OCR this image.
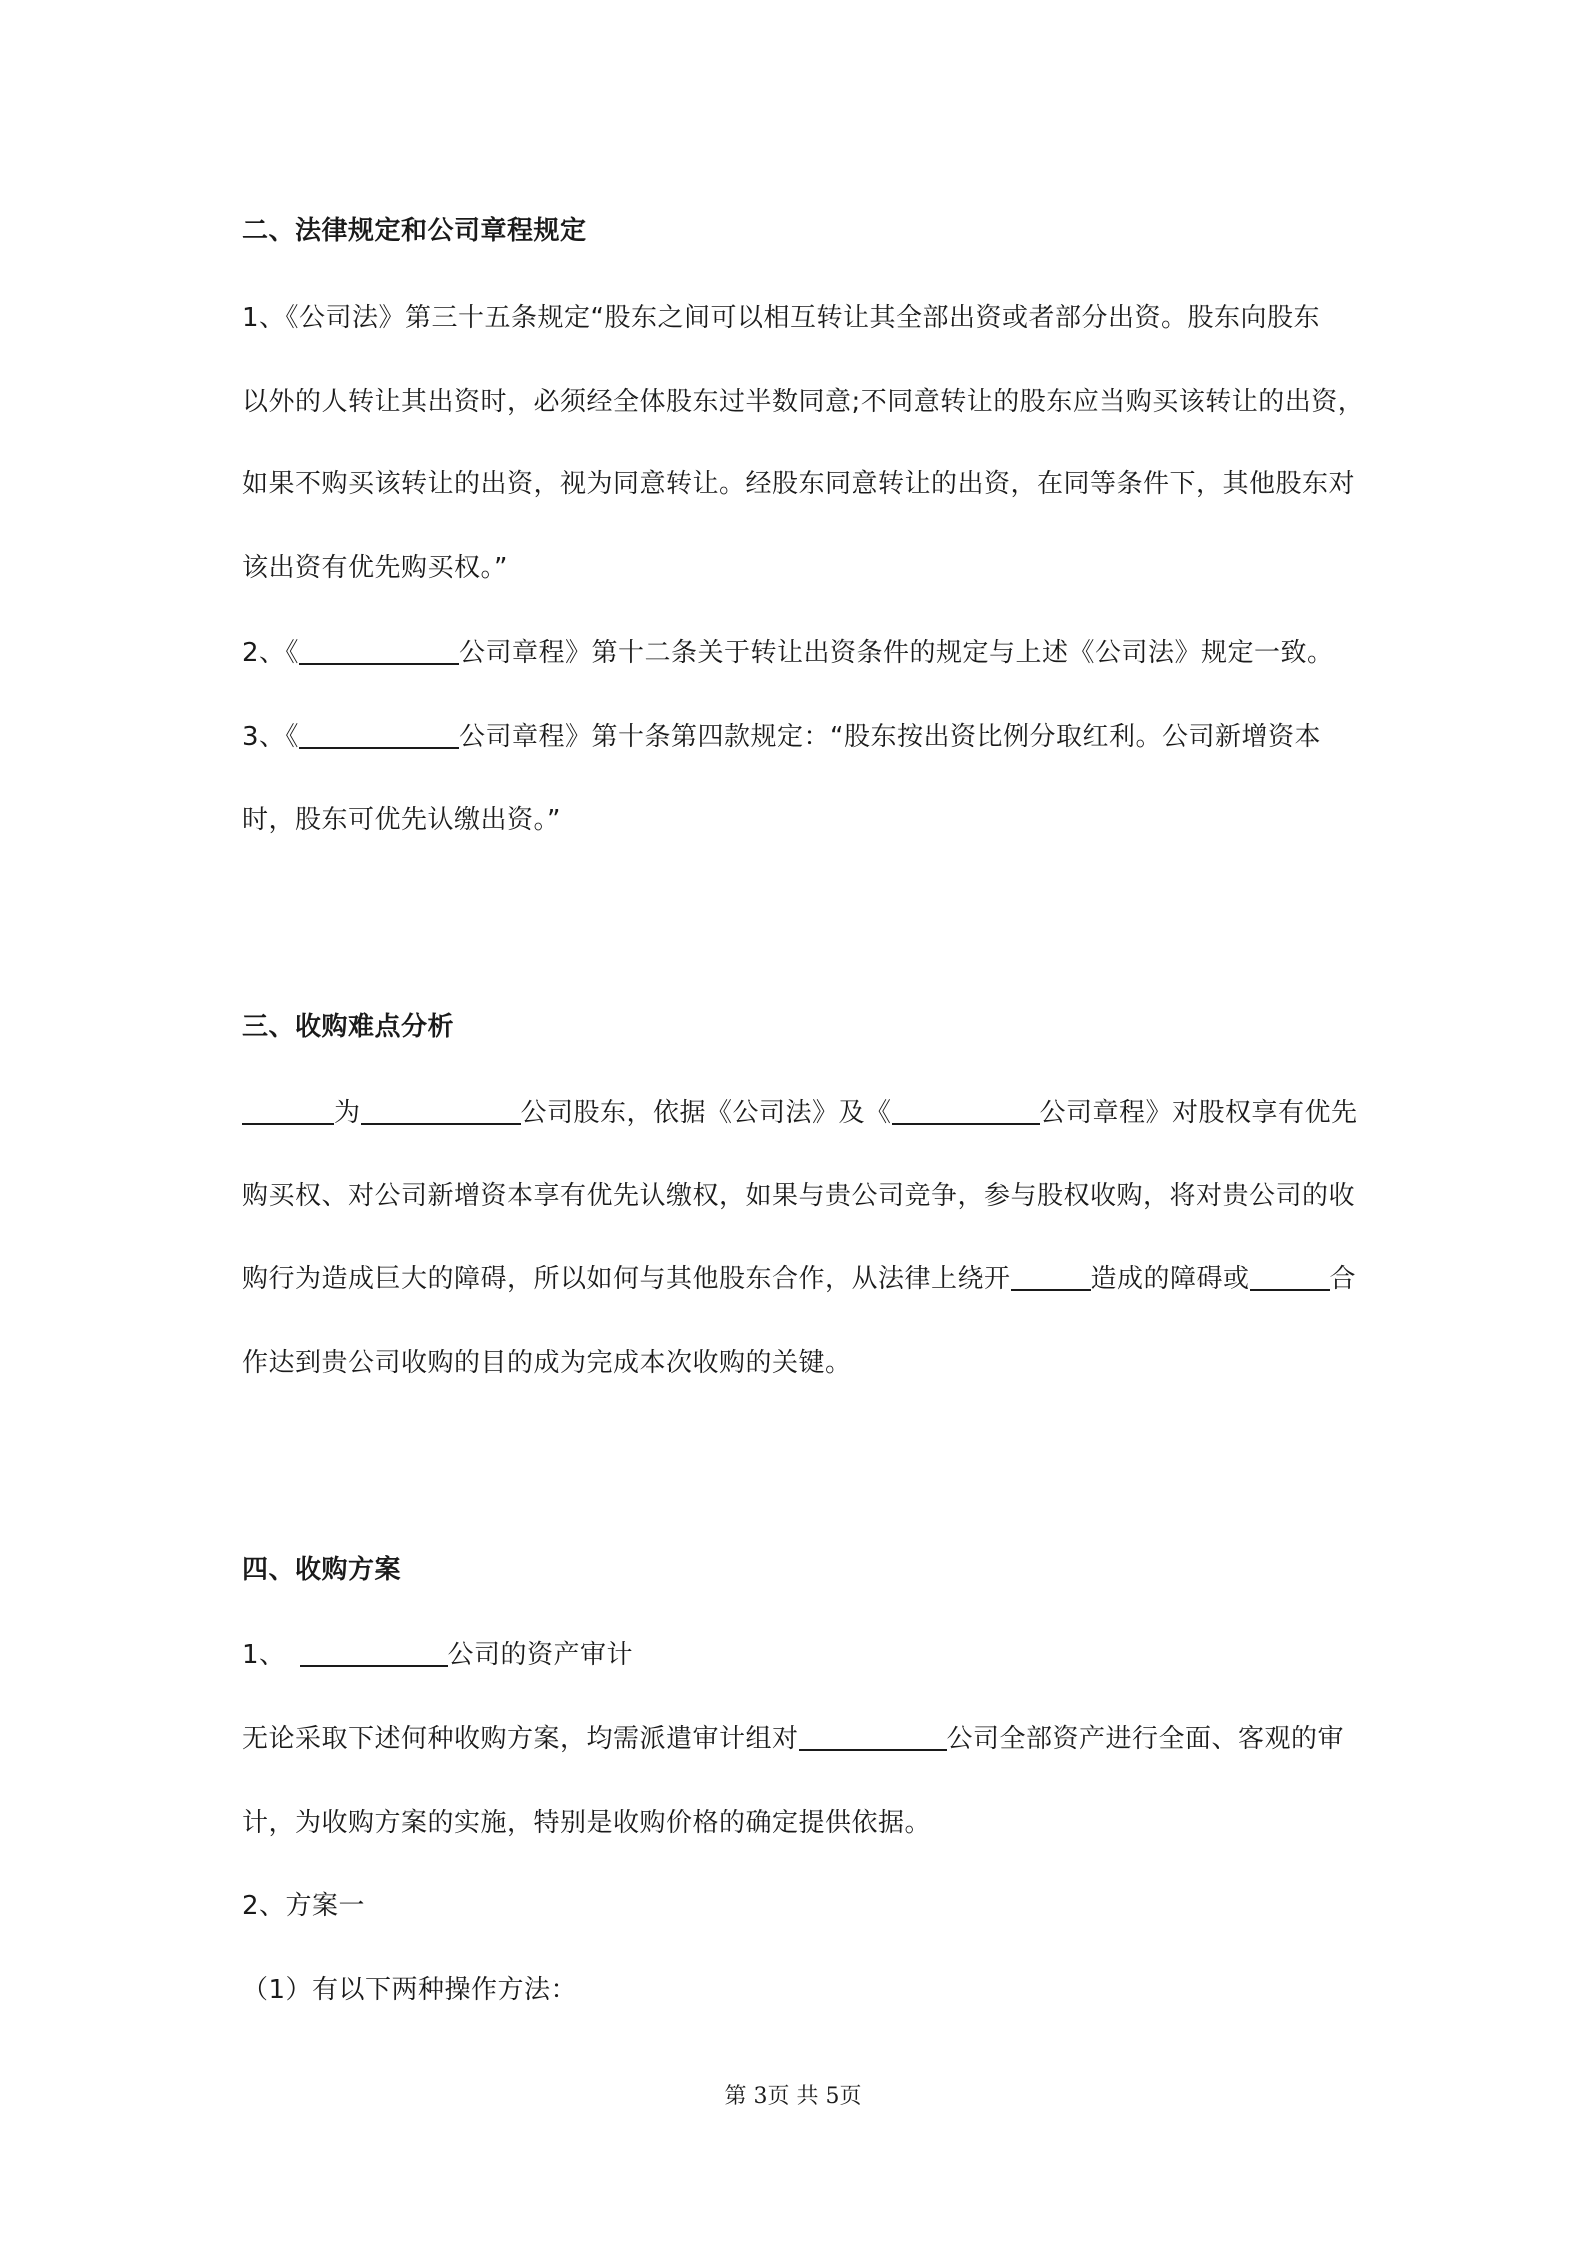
二、法律规定和公司章程规定
1、《公司法》第三十五条规定“股东之间可以相互转让其全部出资或者部分出资。股东向股东
以外的人转让其出资时，必须经全体股东过半数同意;不同意转让的股东应当购买该转让的出资，
如果不购买该转让的出资，视为同意转让。经股东同意转让的出资，在同等条件下，其他股东对
该出资有优先购买权。”
2、《	公司章程》第十二条关于转让出资条件的规定与上述《公司法》规定一致。
3、《	公司章程》第十条第四款规定：“股东按出资比例分取红利。公司新增资本
时，股东可优先认缴出资。”
三、收购难点分析
为	公司股东，依据《公司法》及《	公司章程》对股权享有优先
购买权、对公司新增资本享有优先认缴权，如果与贵公司竞争，参与股权收购，将对贵公司的收
购行为造成巨大的障碍，所以如何与其他股东合作，从法律上绕开	造成的障碍或	合
作达到贵公司收购的目的成为完成本次收购的关键。
四、收购方案
1、	公司的资产审计
无论采取下述何种收购方案，均需派遣审计组对	公司全部资产进行全面、客观的审
计，为收购方案的实施，特别是收购价格的确定提供依据。
2、方案一
（1）有以下两种操作方法：
第 3页 共 5页
